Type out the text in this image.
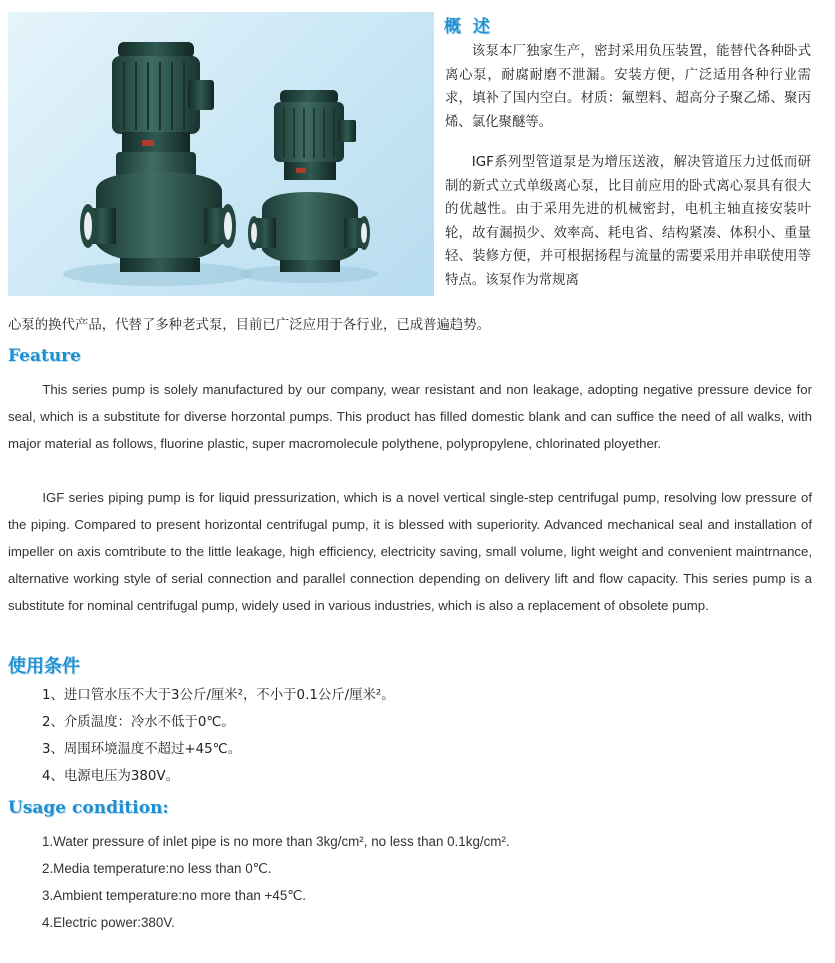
概  述

该泵本厂独家生产，密封采用负压装置，能替代各种卧式离心泵，耐腐耐磨不泄漏。安装方便，广泛适用各种行业需求，填补了国内空白。材质：氟塑料、超高分子聚乙烯、聚丙烯、氯化聚醚等。

IGF系列型管道泵是为增压送液，解决管道压力过低而研制的新式立式单级离心泵，比目前应用的卧式离心泵具有很大的优越性。由于采用先进的机械密封，电机主轴直接安装叶轮，故有漏损少、效率高、耗电省、结构紧凑、体积小、重量轻、装修方便，并可根据扬程与流量的需要采用并串联使用等特点。该泵作为常规离

心泵的换代产品，代替了多种老式泵，目前已广泛应用于各行业，已成普遍趋势。

Feature

This series pump is solely manufactured by our company, wear resistant and non leakage, adopting negative pressure device for seal, which is a substitute for diverse horzontal pumps. This product has filled domestic blank and can suffice the need of all walks, with major material as follows, fluorine plastic, super macromolecule polythene, polypropylene, chlorinated ployether.

IGF series piping pump is for liquid pressurization, which is a novel vertical single-step centrifugal pump, resolving low pressure of the piping. Compared to present horizontal centrifugal pump, it is blessed with superiority. Advanced mechanical seal and installation of impeller on axis comtribute to the little leakage, high efficiency, electricity saving, small volume, light weight and convenient maintrnance, alternative working style of serial connection and parallel connection depending on delivery lift and flow capacity. This series pump is a substitute for nominal centrifugal pump, widely used in various industries, which is also a replacement of obsolete pump.

使用条件
1、进口管水压不大于3公斤/厘米²，不小于0.1公斤/厘米²。
2、介质温度：冷水不低于0℃。
3、周围环境温度不超过+45℃。
4、电源电压为380V。
Usage condition:
1.Water pressure of inlet pipe is no more than 3kg/cm², no less than 0.1kg/cm².
2.Media temperature:no less than 0℃.
3.Ambient temperature:no more than +45℃.
4.Electric power:380V.
